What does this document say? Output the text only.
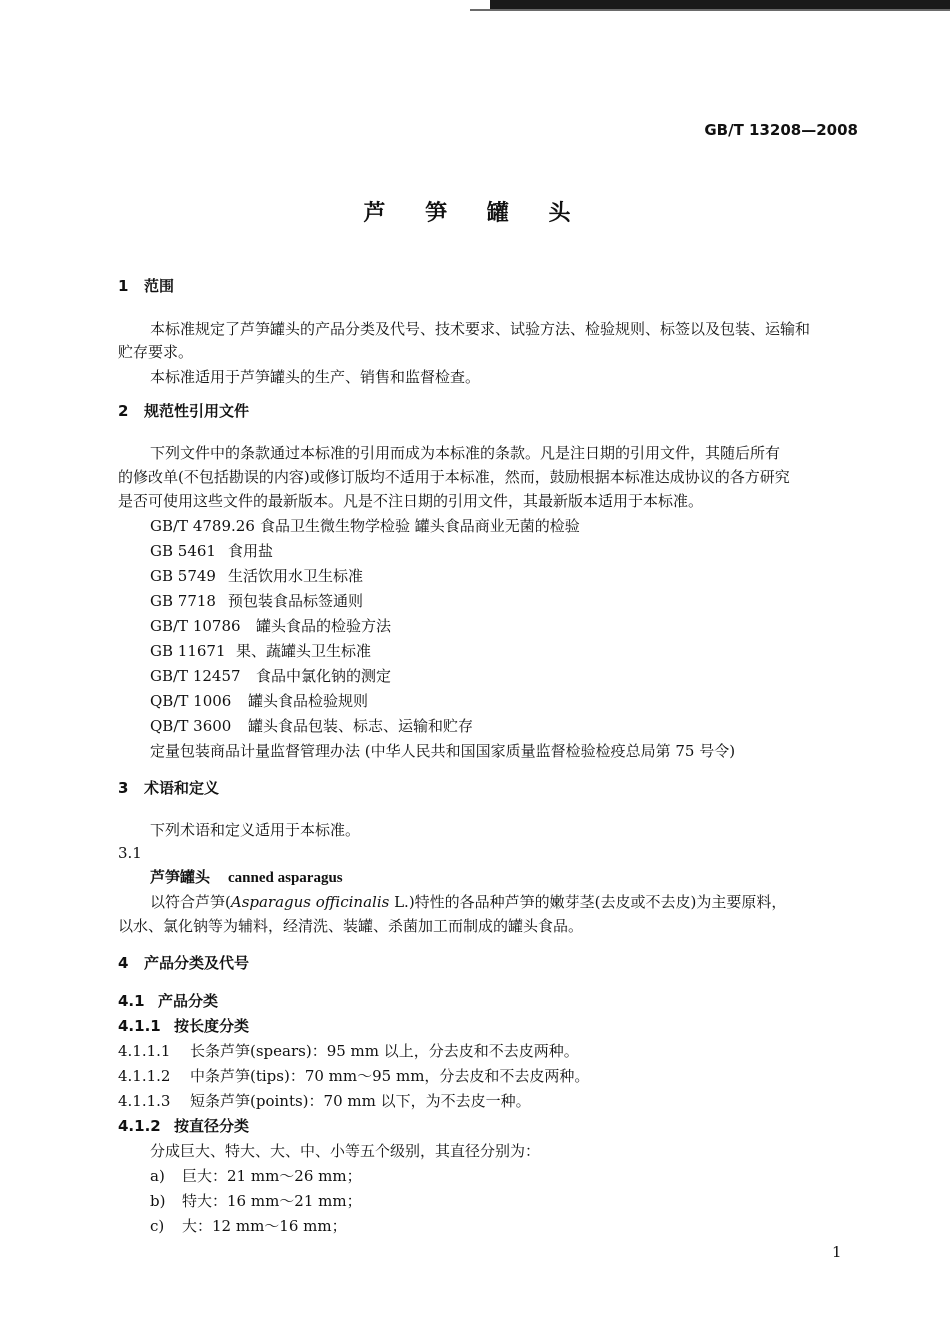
GB/T 13208—2008
芦 笋 罐 头
1 范围
本标准规定了芦笋罐头的产品分类及代号、技术要求、试验方法、检验规则、标签以及包装、运输和
贮存要求。
本标准适用于芦笋罐头的生产、销售和监督检查。
2 规范性引用文件
下列文件中的条款通过本标准的引用而成为本标准的条款。凡是注日期的引用文件，其随后所有
的修改单(不包括勘误的内容)或修订版均不适用于本标准，然而，鼓励根据本标准达成协议的各方研究
是否可使用这些文件的最新版本。凡是不注日期的引用文件，其最新版本适用于本标准。
GB/T 4789.26 食品卫生微生物学检验 罐头食品商业无菌的检验
GB 5461 食用盐
GB 5749 生活饮用水卫生标准
GB 7718 预包装食品标签通则
GB/T 10786 罐头食品的检验方法
GB 11671 果、蔬罐头卫生标准
GB/T 12457 食品中氯化钠的测定
QB/T 1006 罐头食品检验规则
QB/T 3600 罐头食品包装、标志、运输和贮存
定量包装商品计量监督管理办法 (中华人民共和国国家质量监督检验检疫总局第 75 号令)
3 术语和定义
下列术语和定义适用于本标准。
3.1
芦笋罐头 canned asparagus
以符合芦笋(Asparagus officinalis L.)特性的各品种芦笋的嫩芽茎(去皮或不去皮)为主要原料，
以水、氯化钠等为辅料，经清洗、装罐、杀菌加工而制成的罐头食品。
4 产品分类及代号
4.1 产品分类
4.1.1 按长度分类
4.1.1.1 长条芦笋(spears)：95 mm 以上，分去皮和不去皮两种。
4.1.1.2 中条芦笋(tips)：70 mm～95 mm，分去皮和不去皮两种。
4.1.1.3 短条芦笋(points)：70 mm 以下，为不去皮一种。
4.1.2 按直径分类
分成巨大、特大、大、中、小等五个级别，其直径分别为：
a) 巨大：21 mm～26 mm；
b) 特大：16 mm～21 mm；
c) 大：12 mm～16 mm；
1
